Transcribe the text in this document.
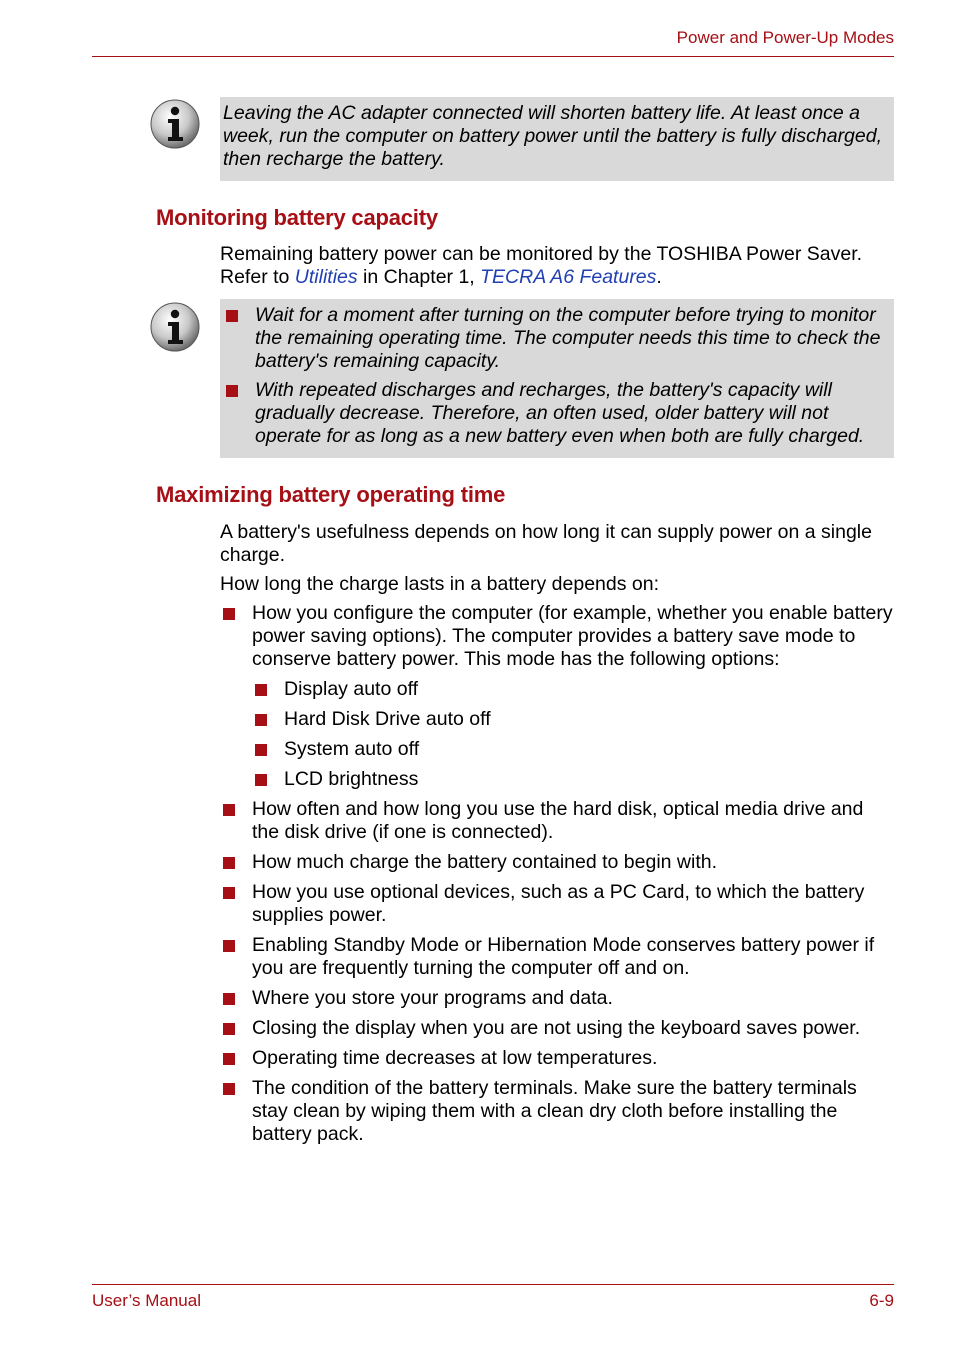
Power and Power-Up Modes

Leaving the AC adapter connected will shorten battery life. At least once a week, run the computer on battery power until the battery is fully discharged, then recharge the battery.

Monitoring battery capacity

Remaining battery power can be monitored by the TOSHIBA Power Saver.
Refer to Utilities in Chapter 1, TECRA A6 Features.

Wait for a moment after turning on the computer before trying to monitor the remaining operating time. The computer needs this time to check the battery's remaining capacity.
With repeated discharges and recharges, the battery's capacity will gradually decrease. Therefore, an often used, older battery will not operate for as long as a new battery even when both are fully charged.
Maximizing battery operating time

A battery's usefulness depends on how long it can supply power on a single charge.

How long the charge lasts in a battery depends on:

How you configure the computer (for example, whether you enable battery power saving options). The computer provides a battery save mode to conserve battery power. This mode has the following options:
Display auto off
Hard Disk Drive auto off
System auto off
LCD brightness
How often and how long you use the hard disk, optical media drive and the disk drive (if one is connected).
How much charge the battery contained to begin with.
How you use optional devices, such as a PC Card, to which the battery supplies power.
Enabling Standby Mode or Hibernation Mode conserves battery power if you are frequently turning the computer off and on.
Where you store your programs and data.
Closing the display when you are not using the keyboard saves power.
Operating time decreases at low temperatures.
The condition of the battery terminals. Make sure the battery terminals stay clean by wiping them with a clean dry cloth before installing the battery pack.
User’s Manual	6-9
